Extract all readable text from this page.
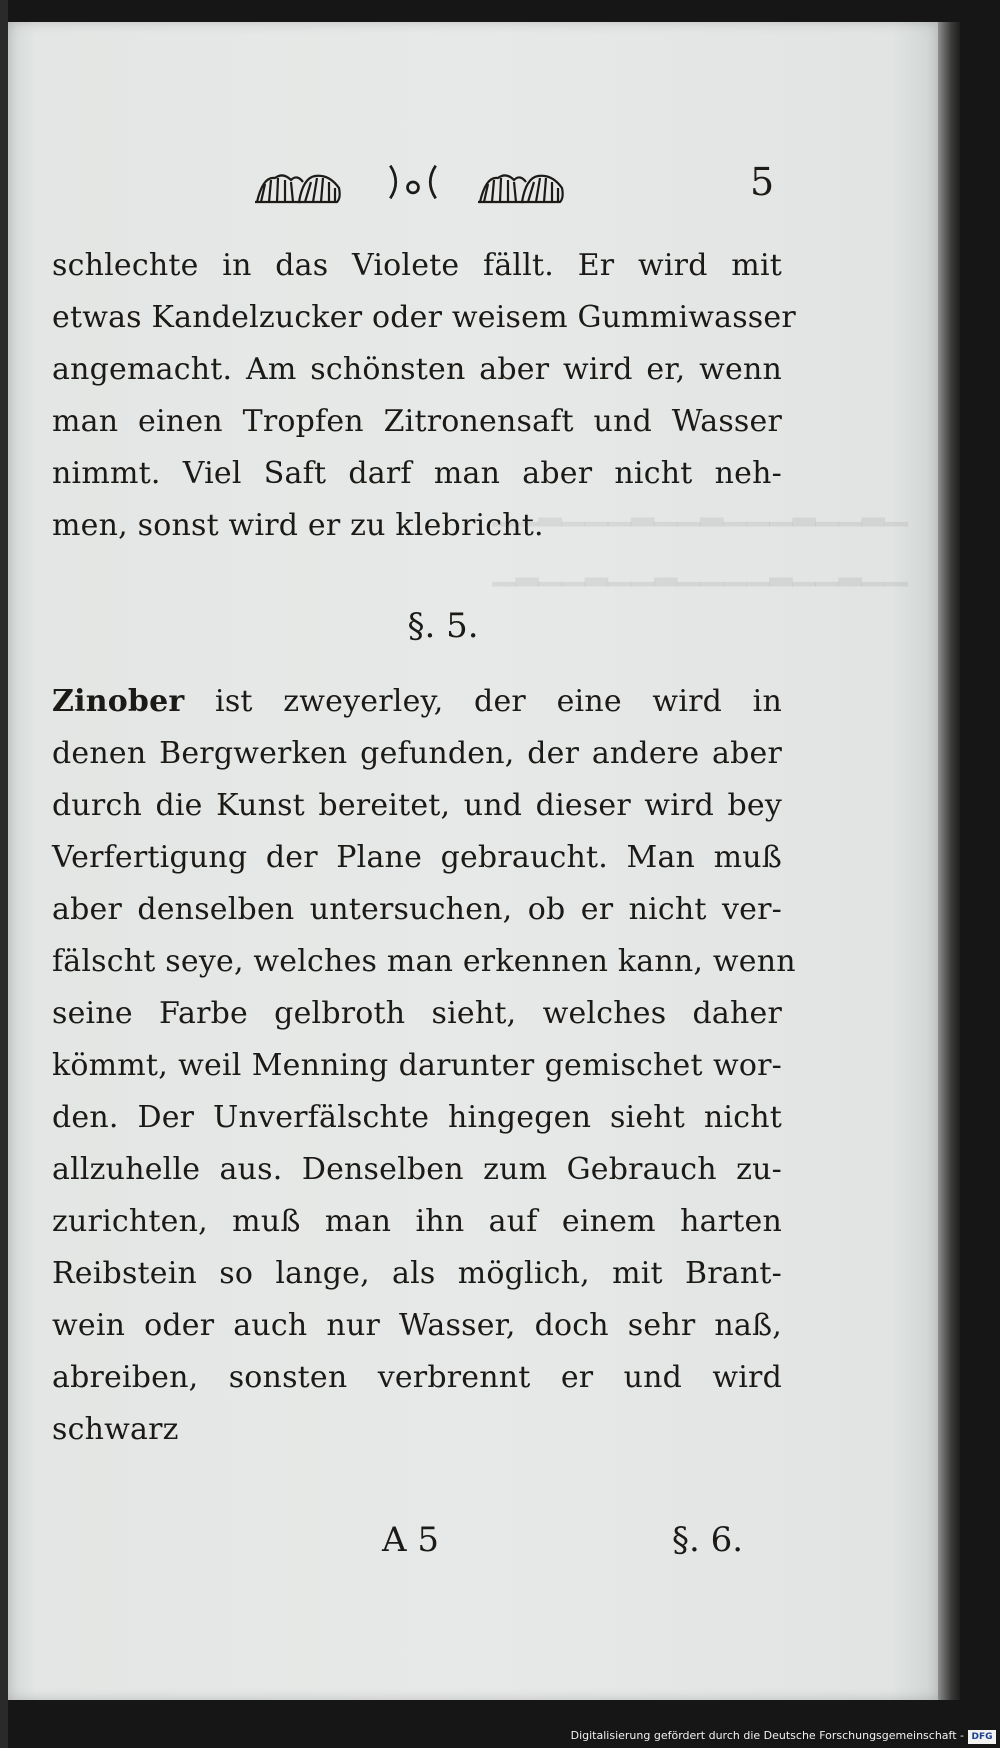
▁▂▁▁▂▁▁▁▂▁▁▂▁▁▁▂▁▁
▁▁▂▁▁▂▁▁▁▁▂▁▁▂▁▁▂▁
5
schlechte in das Violete fällt. Er wird mit
etwas Kandelzucker oder weisem Gummiwasser
angemacht. Am schönsten aber wird er, wenn
man einen Tropfen Zitronensaft und Wasser
nimmt. Viel Saft darf man aber nicht neh-
men, sonst wird er zu klebricht.
§. 5.
Zinober ist zweyerley, der eine wird in
denen Bergwerken gefunden, der andere aber
durch die Kunst bereitet, und dieser wird bey
Verfertigung der Plane gebraucht. Man muß
aber denselben untersuchen, ob er nicht ver-
fälscht seye, welches man erkennen kann, wenn
seine Farbe gelbroth sieht, welches daher
kömmt, weil Menning darunter gemischet wor-
den. Der Unverfälschte hingegen sieht nicht
allzuhelle aus. Denselben zum Gebrauch zu-
zurichten, muß man ihn auf einem harten
Reibstein so lange, als möglich, mit Brant-
wein oder auch nur Wasser, doch sehr naß,
abreiben, sonsten verbrennt er und wird
schwarz
A 5	§. 6.
Digitalisierung gefördert durch die Deutsche Forschungsgemeinschaft - DFG
